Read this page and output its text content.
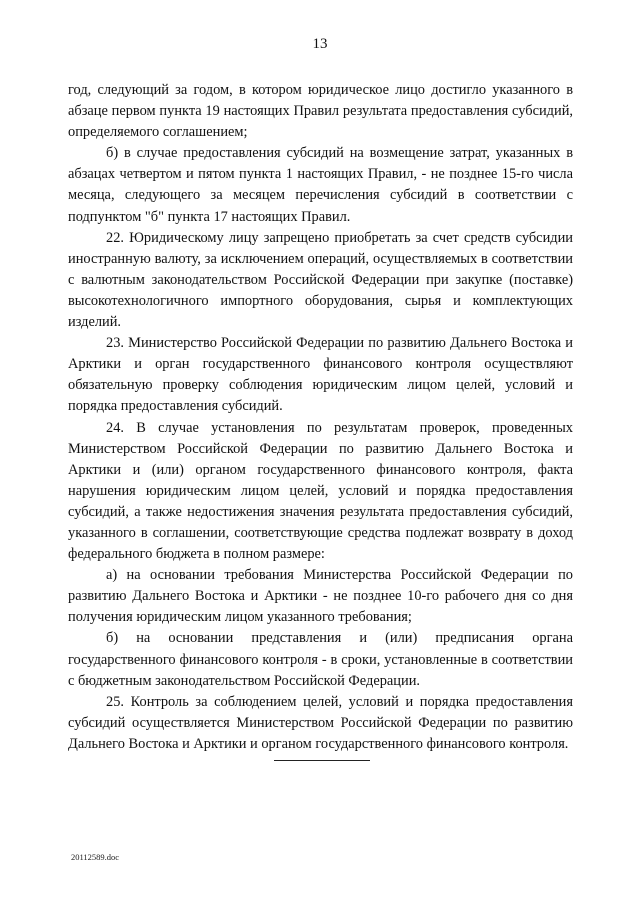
13

год, следующий за годом, в котором юридическое лицо достигло указанного в абзаце первом пункта 19 настоящих Правил результата предоставления субсидий, определяемого соглашением;

б) в случае предоставления субсидий на возмещение затрат, указанных в абзацах четвертом и пятом пункта 1 настоящих Правил, - не позднее 15-го числа месяца, следующего за месяцем перечисления субсидий в соответствии с подпунктом "б" пункта 17 настоящих Правил.

22. Юридическому лицу запрещено приобретать за счет средств субсидии иностранную валюту, за исключением операций, осуществляемых в соответствии с валютным законодательством Российской Федерации при закупке (поставке) высокотехнологичного импортного оборудования, сырья и комплектующих изделий.

23. Министерство Российской Федерации по развитию Дальнего Востока и Арктики и орган государственного финансового контроля осуществляют обязательную проверку соблюдения юридическим лицом целей, условий и порядка предоставления субсидий.

24. В случае установления по результатам проверок, проведенных Министерством Российской Федерации по развитию Дальнего Востока и Арктики и (или) органом государственного финансового контроля, факта нарушения юридическим лицом целей, условий и порядка предоставления субсидий, а также недостижения значения результата предоставления субсидий, указанного в соглашении, соответствующие средства подлежат возврату в доход федерального бюджета в полном размере:

а) на основании требования Министерства Российской Федерации по развитию Дальнего Востока и Арктики - не позднее 10-го рабочего дня со дня получения юридическим лицом указанного требования;

б) на основании представления и (или) предписания органа государственного финансового контроля - в сроки, установленные в соответствии с бюджетным законодательством Российской Федерации.

25. Контроль за соблюдением целей, условий и порядка предоставления субсидий осуществляется Министерством Российской Федерации по развитию Дальнего Востока и Арктики и органом государственного финансового контроля.

20112589.doc
